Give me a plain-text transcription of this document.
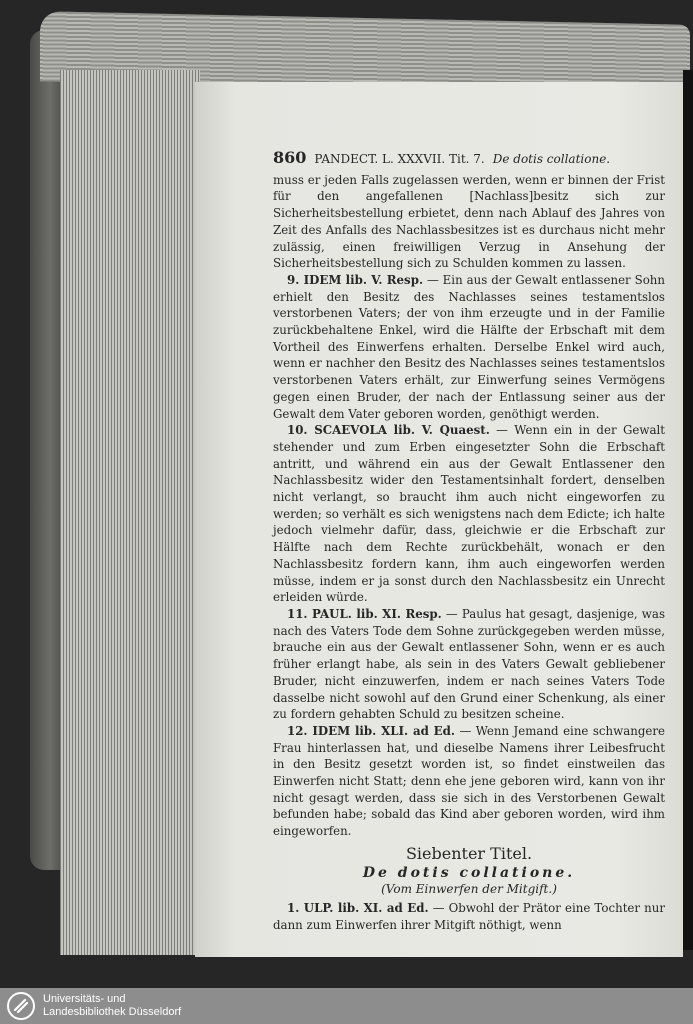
860 PANDECT. L. XXXVII. Tit. 7. De dotis collatione.

muss er jeden Falls zugelassen werden, wenn er binnen der Frist für den angefallenen [Nachlass]besitz sich zur Sicherheitsbestellung erbietet, denn nach Ablauf des Jahres von Zeit des Anfalls des Nachlassbesitzes ist es durchaus nicht mehr zulässig, einen freiwilligen Verzug in Ansehung der Sicherheitsbestellung sich zu Schulden kommen zu lassen.

9. IDEM lib. V. Resp. — Ein aus der Gewalt entlassener Sohn erhielt den Besitz des Nachlasses seines testamentslos verstorbenen Vaters; der von ihm erzeugte und in der Familie zurückbehaltene Enkel, wird die Hälfte der Erbschaft mit dem Vortheil des Einwerfens erhalten. Derselbe Enkel wird auch, wenn er nachher den Besitz des Nachlasses seines testamentslos verstorbenen Vaters erhält, zur Einwerfung seines Vermögens gegen einen Bruder, der nach der Entlassung seiner aus der Gewalt dem Vater geboren worden, genöthigt werden.

10. SCAEVOLA lib. V. Quaest. — Wenn ein in der Gewalt stehender und zum Erben eingesetzter Sohn die Erbschaft antritt, und während ein aus der Gewalt Entlassener den Nachlassbesitz wider den Testamentsinhalt fordert, denselben nicht verlangt, so braucht ihm auch nicht eingeworfen zu werden; so verhält es sich wenigstens nach dem Edicte; ich halte jedoch vielmehr dafür, dass, gleichwie er die Erbschaft zur Hälfte nach dem Rechte zurückbehält, wonach er den Nachlassbesitz fordern kann, ihm auch eingeworfen werden müsse, indem er ja sonst durch den Nachlassbesitz ein Unrecht erleiden würde.

11. PAUL. lib. XI. Resp. — Paulus hat gesagt, dasjenige, was nach des Vaters Tode dem Sohne zurückgegeben werden müsse, brauche ein aus der Gewalt entlassener Sohn, wenn er es auch früher erlangt habe, als sein in des Vaters Gewalt gebliebener Bruder, nicht einzuwerfen, indem er nach seines Vaters Tode dasselbe nicht sowohl auf den Grund einer Schenkung, als einer zu fordern gehabten Schuld zu besitzen scheine.

12. IDEM lib. XLI. ad Ed. — Wenn Jemand eine schwangere Frau hinterlassen hat, und dieselbe Namens ihrer Leibesfrucht in den Besitz gesetzt worden ist, so findet einstweilen das Einwerfen nicht Statt; denn ehe jene geboren wird, kann von ihr nicht gesagt werden, dass sie sich in des Verstorbenen Gewalt befunden habe; sobald das Kind aber geboren worden, wird ihm eingeworfen.

Siebenter Titel.
De dotis collatione.
(Vom Einwerfen der Mitgift.)

1. ULP. lib. XI. ad Ed. — Obwohl der Prätor eine Tochter nur dann zum Einwerfen ihrer Mitgift nöthigt, wenn

Universitäts- und
Landesbibliothek Düsseldorf
